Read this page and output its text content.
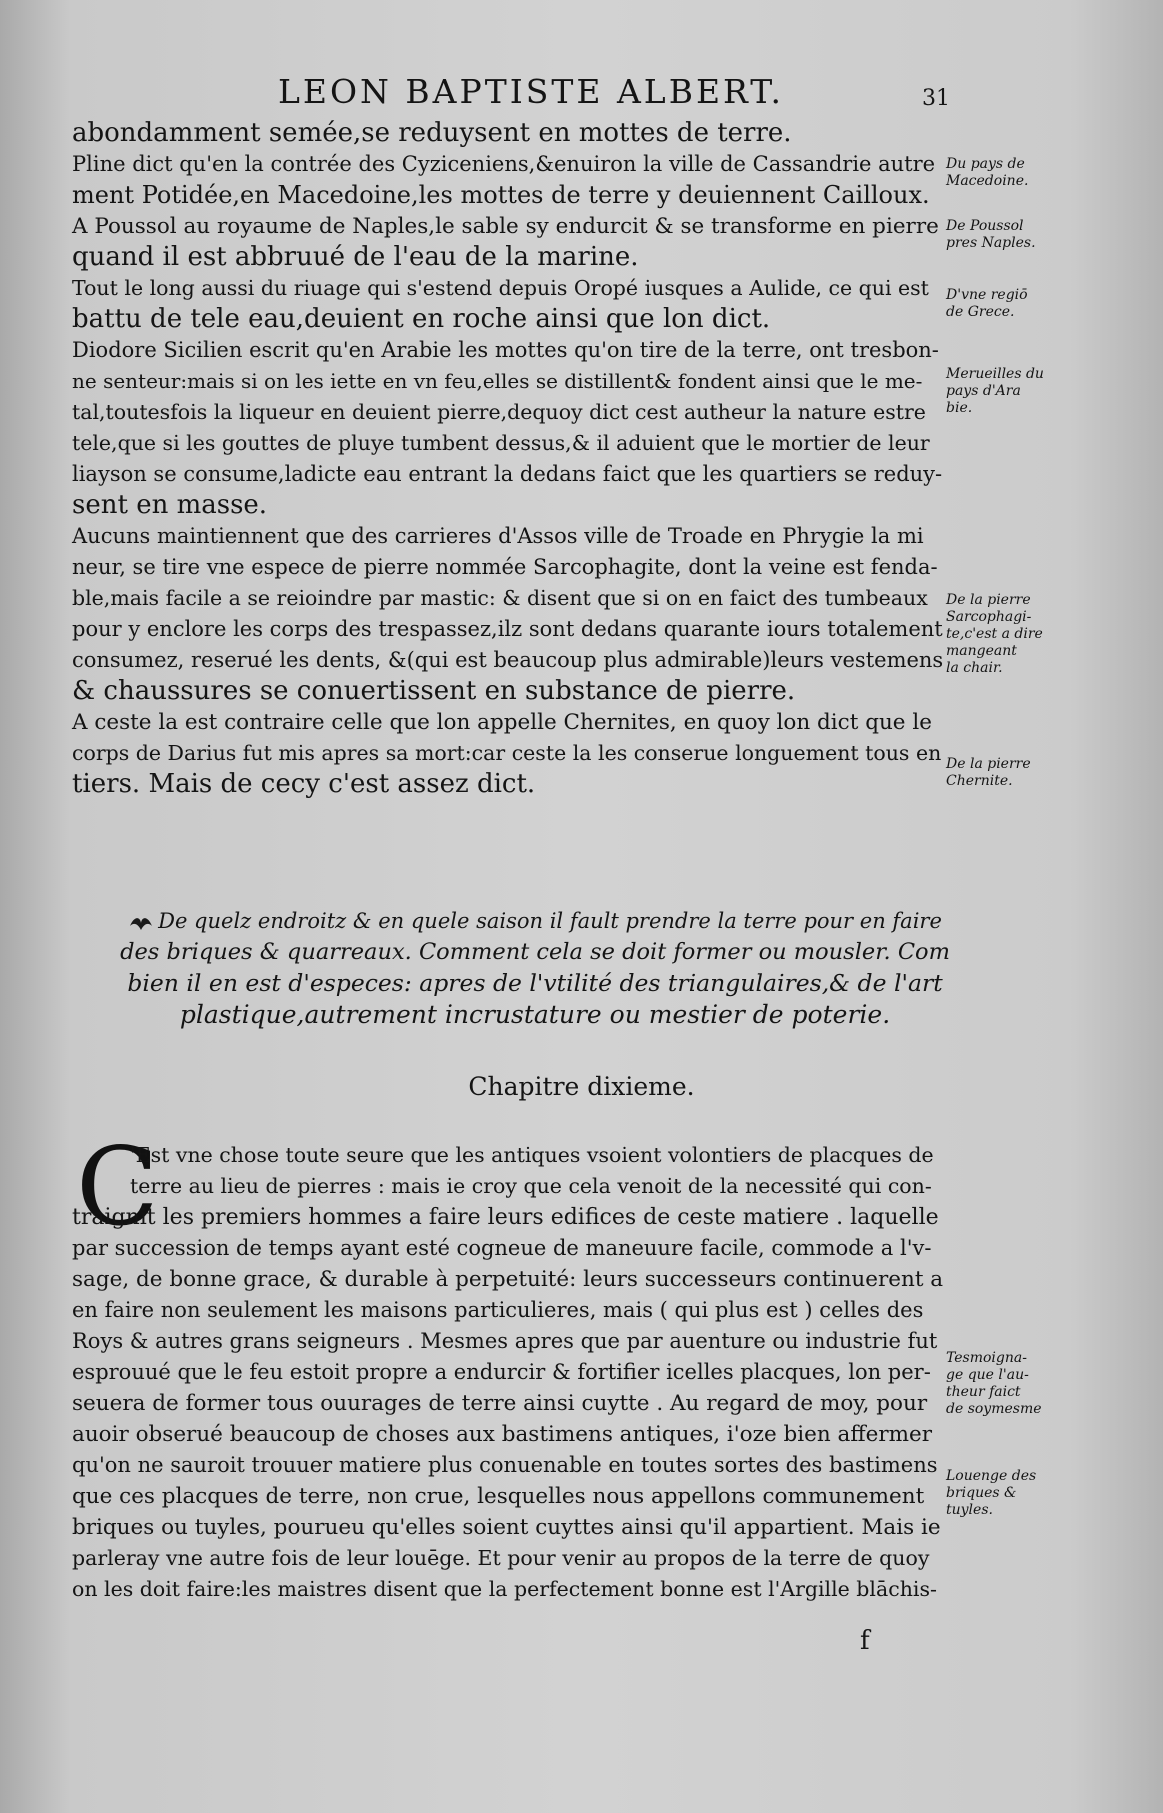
LEON BAPTISTE ALBERT.	31
abondamment semée,se reduysent en mottes de terre.
Pline dict qu'en la contrée des Cyziceniens,&enuiron la ville de Cassandrie autre
ment Potidée,en Macedoine,les mottes de terre y deuiennent Cailloux.
A Poussol au royaume de Naples,le sable sy endurcit & se transforme en pierre
quand il est abbruué de l'eau de la marine.
Tout le long aussi du riuage qui s'estend depuis Oropé iusques a Aulide, ce qui est
battu de tele eau,deuient en roche ainsi que lon dict.
Diodore Sicilien escrit qu'en Arabie les mottes qu'on tire de la terre, ont tresbon-
ne senteur:mais si on les iette en vn feu,elles se distillent& fondent ainsi que le me-
tal,toutesfois la liqueur en deuient pierre,dequoy dict cest autheur la nature estre
tele,que si les gouttes de pluye tumbent dessus,& il aduient que le mortier de leur
liayson se consume,ladicte eau entrant la dedans faict que les quartiers se reduy-
sent en masse.
Aucuns maintiennent que des carrieres d'Assos ville de Troade en Phrygie la mi
neur, se tire vne espece de pierre nommée Sarcophagite, dont la veine est fenda-
ble,mais facile a se reioindre par mastic: & disent que si on en faict des tumbeaux
pour y enclore les corps des trespassez,ilz sont dedans quarante iours totalement
consumez, reserué les dents, &(qui est beaucoup plus admirable)leurs vestemens
& chaussures se conuertissent en substance de pierre.
A ceste la est contraire celle que lon appelle Chernites, en quoy lon dict que le
corps de Darius fut mis apres sa mort:car ceste la les conserue longuement tous en
tiers. Mais de cecy c'est assez dict.
Du pays de
Macedoine.
De Poussol
pres Naples.
D'vne regiō
de Grece.
Merueilles du
pays d'Ara
bie.
De la pierre
Sarcophagi-
te,c'est a dire
mangeant
la chair.
De la pierre
Chernite.
Tesmoigna-
ge que l'au-
theur faict
de soymesme
Louenge des
briques &
tuyles.
De quelz endroitz & en quele saison il fault prendre la terre pour en faire
des briques & quarreaux. Comment cela se doit former ou mousler. Com
bien il en est d'especes: apres de l'vtilité des triangulaires,& de l'art
plastique,autrement incrustature ou mestier de poterie.
Chapitre dixieme.
C
'Est vne chose toute seure que les antiques vsoient volontiers de placques de
terre au lieu de pierres : mais ie croy que cela venoit de la necessité qui con-
traignit les premiers hommes a faire leurs edifices de ceste matiere . laquelle
par succession de temps ayant esté cogneue de maneuure facile, commode a l'v-
sage, de bonne grace, & durable à perpetuité: leurs successeurs continuerent a
en faire non seulement les maisons particulieres, mais ( qui plus est ) celles des
Roys & autres grans seigneurs . Mesmes apres que par auenture ou industrie fut
esprouué que le feu estoit propre a endurcir & fortifier icelles placques, lon per-
seuera de former tous ouurages de terre ainsi cuytte . Au regard de moy, pour
auoir obserué beaucoup de choses aux bastimens antiques, i'oze bien affermer
qu'on ne sauroit trouuer matiere plus conuenable en toutes sortes des bastimens
que ces placques de terre, non crue, lesquelles nous appellons communement
briques ou tuyles, pourueu qu'elles soient cuyttes ainsi qu'il appartient. Mais ie
parleray vne autre fois de leur louēge. Et pour venir au propos de la terre de quoy
on les doit faire:les maistres disent que la perfectement bonne est l'Argille blāchis-
f
